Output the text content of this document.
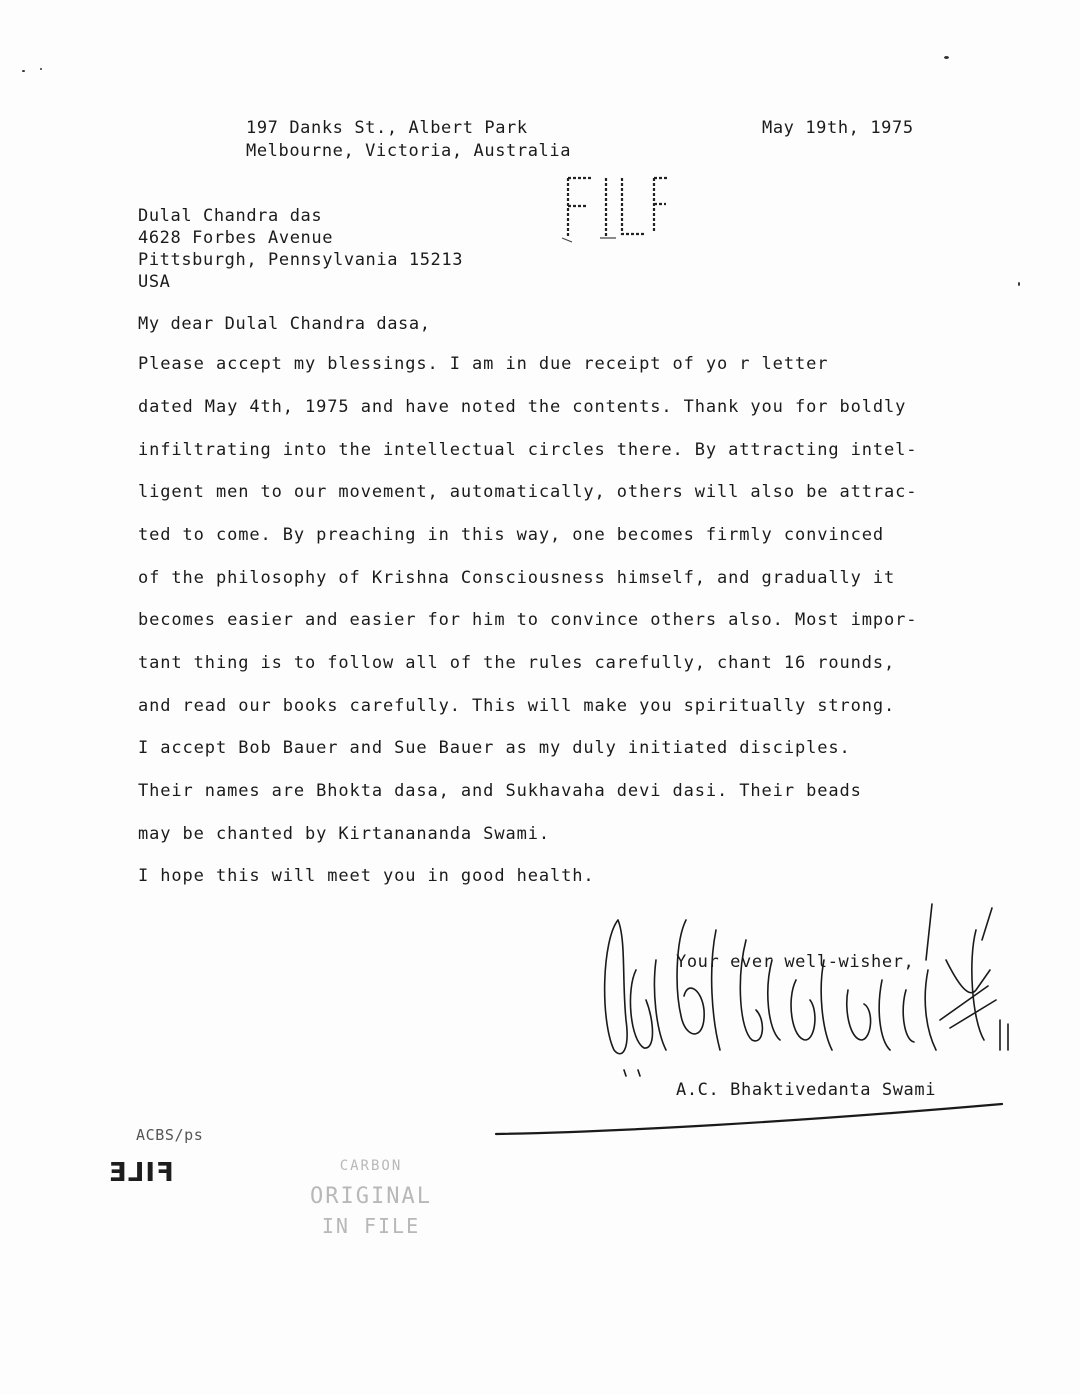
197 Danks St., Albert Park
Melbourne, Victoria, Australia
May 19th, 1975
Dulal Chandra das
4628 Forbes Avenue
Pittsburgh, Pennsylvania 15213
USA
My dear Dulal Chandra dasa,
Please accept my blessings. I am in due receipt of yo r letter
dated May 4th, 1975 and have noted the contents. Thank you for boldly
infiltrating into the intellectual circles there. By attracting intel-
ligent men to our movement, automatically, others will also be attrac-
ted to come. By preaching in this way, one becomes firmly convinced
of the philosophy of Krishna Consciousness himself, and gradually it
becomes easier and easier for him to convince others also. Most impor-
tant thing is to follow all of the rules carefully, chant 16 rounds,
and read our books carefully. This will make you spiritually strong.
I accept Bob Bauer and Sue Bauer as my duly initiated disciples.
Their names are Bhokta dasa, and Sukhavaha devi dasi. Their beads
may be chanted by Kirtanananda Swami.
I hope this will meet you in good health.
Your ever well-wisher,
A.C. Bhaktivedanta Swami
ACBS/ps
FILE	CARBON
ORIGINAL
IN FILE
